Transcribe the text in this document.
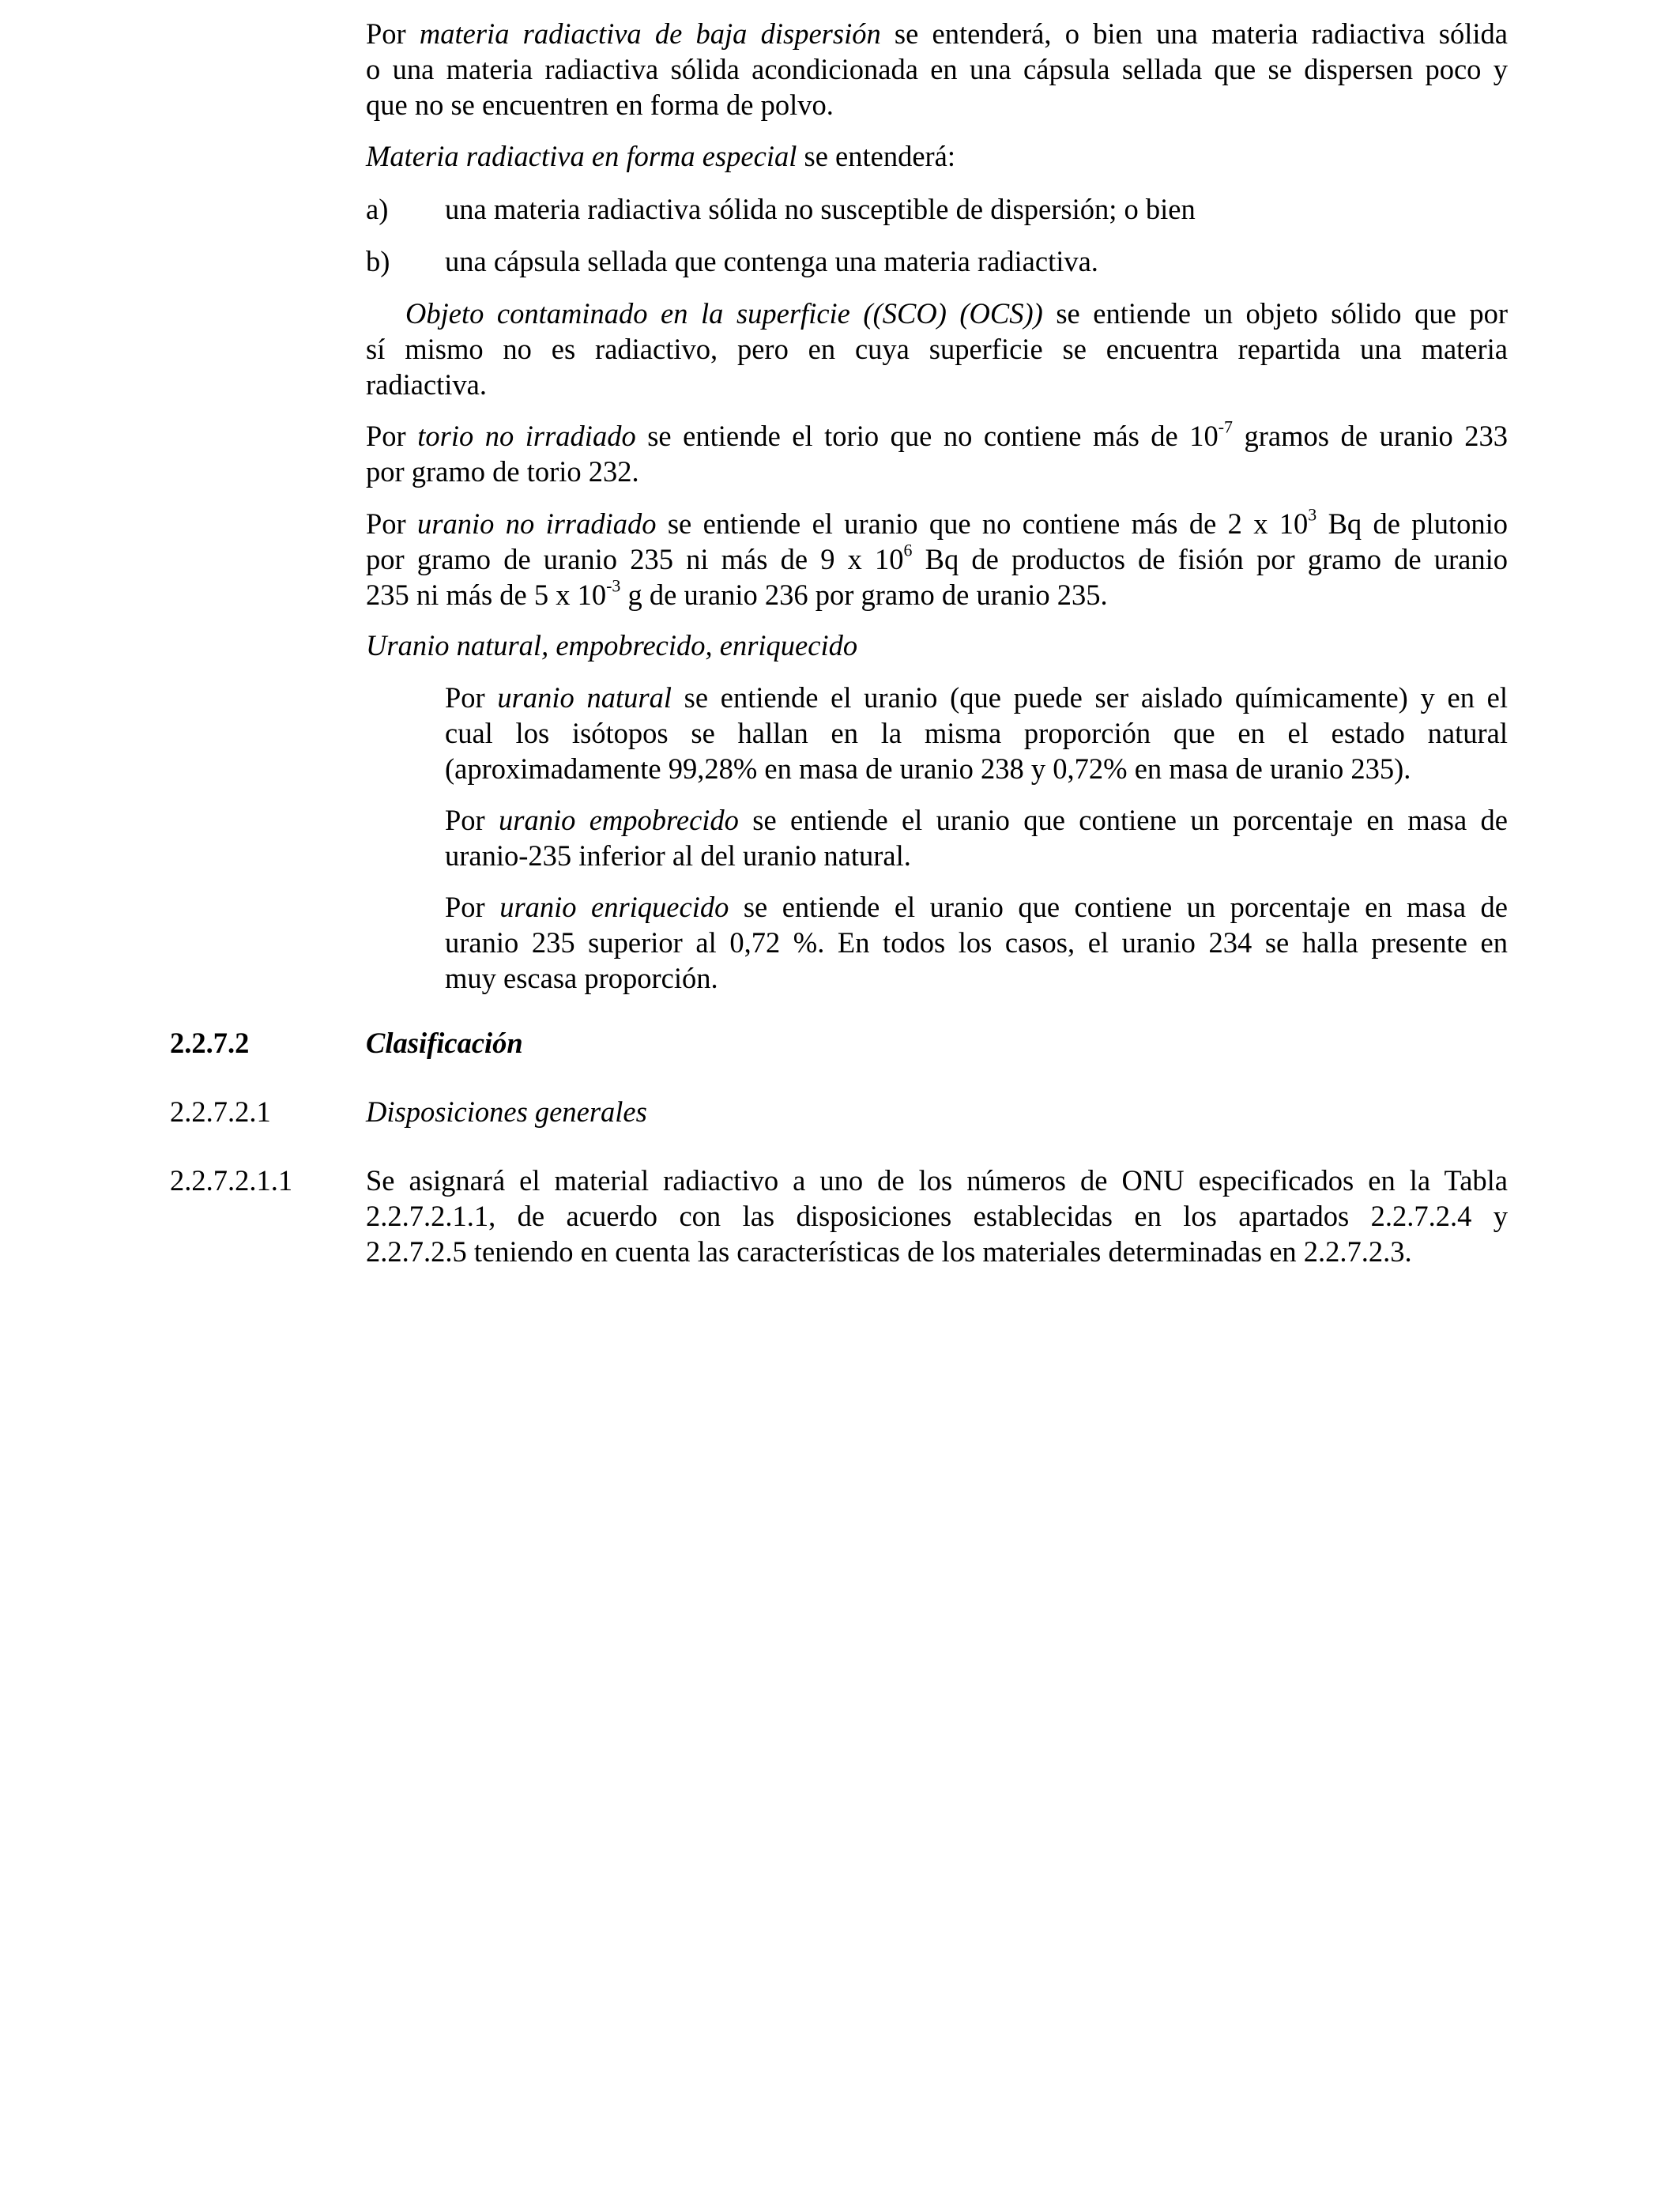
Por materia radiactiva de baja dispersión se entenderá, o bien una materia radiactiva sólida
o una materia radiactiva sólida acondicionada en una cápsula sellada que se dispersen poco y
que no se encuentren en forma de polvo.
Materia radiactiva en forma especial se entenderá:
a) una materia radiactiva sólida no susceptible de dispersión; o bien
b) una cápsula sellada que contenga una materia radiactiva.
Objeto contaminado en la superficie ((SCO) (OCS)) se entiende un objeto sólido que por
sí mismo no es radiactivo, pero en cuya superficie se encuentra repartida una materia
radiactiva.
Por torio no irradiado se entiende el torio que no contiene más de $10^{-7}$ gramos de uranio 233
por gramo de torio 232.
Por uranio no irradiado se entiende el uranio que no contiene más de 2 x $10^3$ Bq de plutonio
por gramo de uranio 235 ni más de 9 x $10^6$ Bq de productos de fisión por gramo de uranio
235 ni más de 5 x $10^{-3}$ g de uranio 236 por gramo de uranio 235.
Uranio natural, empobrecido, enriquecido
Por uranio natural se entiende el uranio (que puede ser aislado químicamente) y en el
cual los isótopos se hallan en la misma proporción que en el estado natural
(aproximadamente 99,28% en masa de uranio 238 y 0,72% en masa de uranio 235).
Por uranio empobrecido se entiende el uranio que contiene un porcentaje en masa de
uranio-235 inferior al del uranio natural.
Por uranio enriquecido se entiende el uranio que contiene un porcentaje en masa de
uranio 235 superior al 0,72 %. En todos los casos, el uranio 234 se halla presente en
muy escasa proporción.
2.2.7.2	Clasificación
2.2.7.2.1	Disposiciones generales
2.2.7.2.1.1	Se asignará el material radiactivo a uno de los números de ONU especificados en la Tabla
2.2.7.2.1.1, de acuerdo con las disposiciones establecidas en los apartados 2.2.7.2.4 y
2.2.7.2.5 teniendo en cuenta las características de los materiales determinadas en 2.2.7.2.3.
